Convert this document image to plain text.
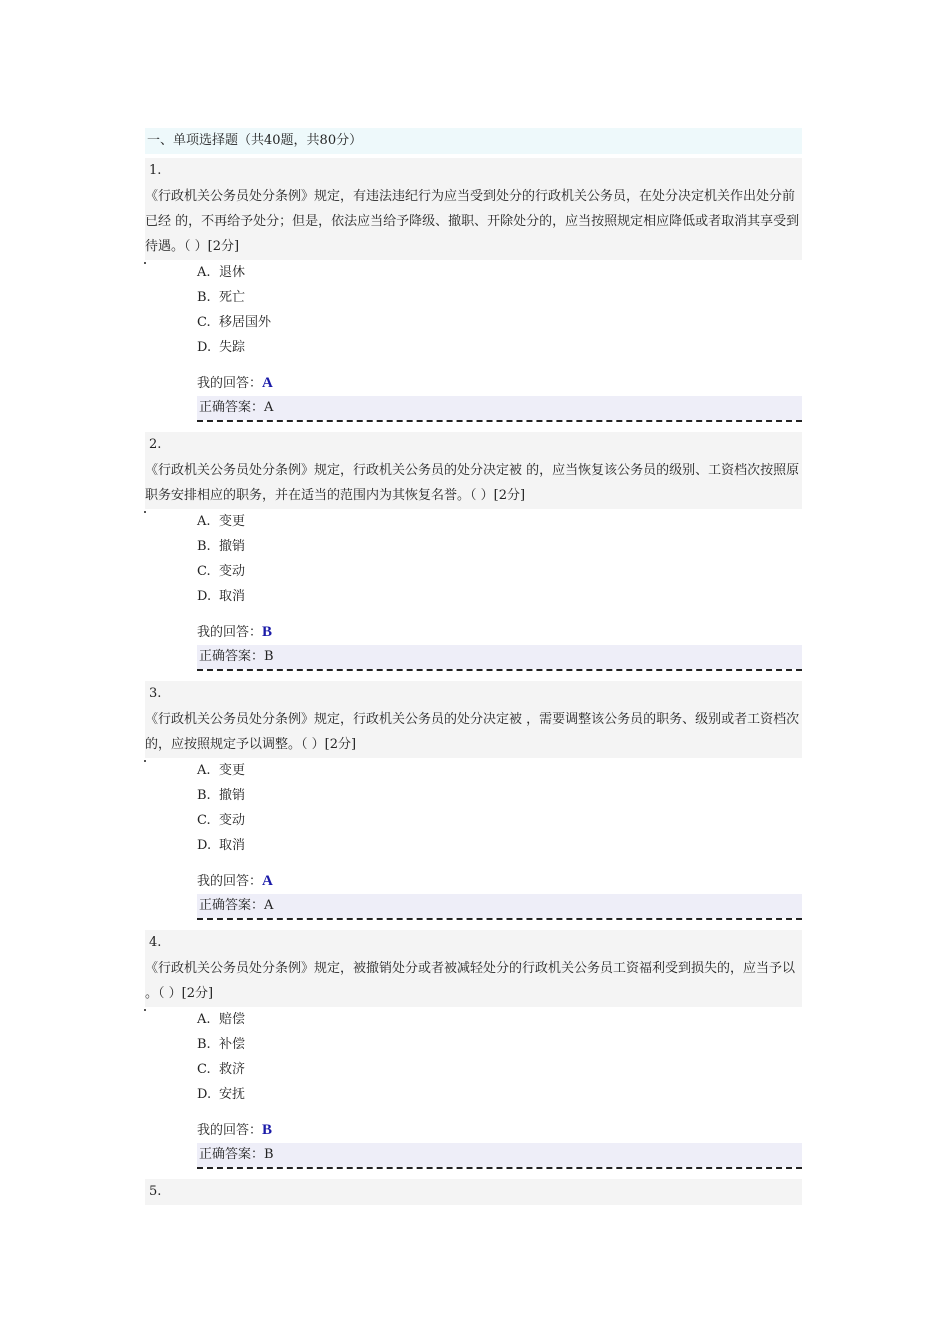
一、单项选择题（共40题，共80分）
1.
《行政机关公务员处分条例》规定，有违法违纪行为应当受到处分的行政机关公务员，在处分决定机关作出处分前已经 的，不再给予处分；但是，依法应当给予降级、撤职、开除处分的，应当按照规定相应降低或者取消其享受到待遇。（ ）[2分]
A. 退休
B. 死亡
C. 移居国外
D. 失踪
我的回答：A
正确答案：A
2.
《行政机关公务员处分条例》规定，行政机关公务员的处分决定被 的，应当恢复该公务员的级别、工资档次按照原职务安排相应的职务，并在适当的范围内为其恢复名誉。（ ）[2分]
A. 变更
B. 撤销
C. 变动
D. 取消
我的回答：B
正确答案：B
3.
《行政机关公务员处分条例》规定，行政机关公务员的处分决定被 ，需要调整该公务员的职务、级别或者工资档次的，应按照规定予以调整。（ ）[2分]
A. 变更
B. 撤销
C. 变动
D. 取消
我的回答：A
正确答案：A
4.
《行政机关公务员处分条例》规定，被撤销处分或者被减轻处分的行政机关公务员工资福利受到损失的，应当予以 。（ ）[2分]
A. 赔偿
B. 补偿
C. 救济
D. 安抚
我的回答：B
正确答案：B
5.
